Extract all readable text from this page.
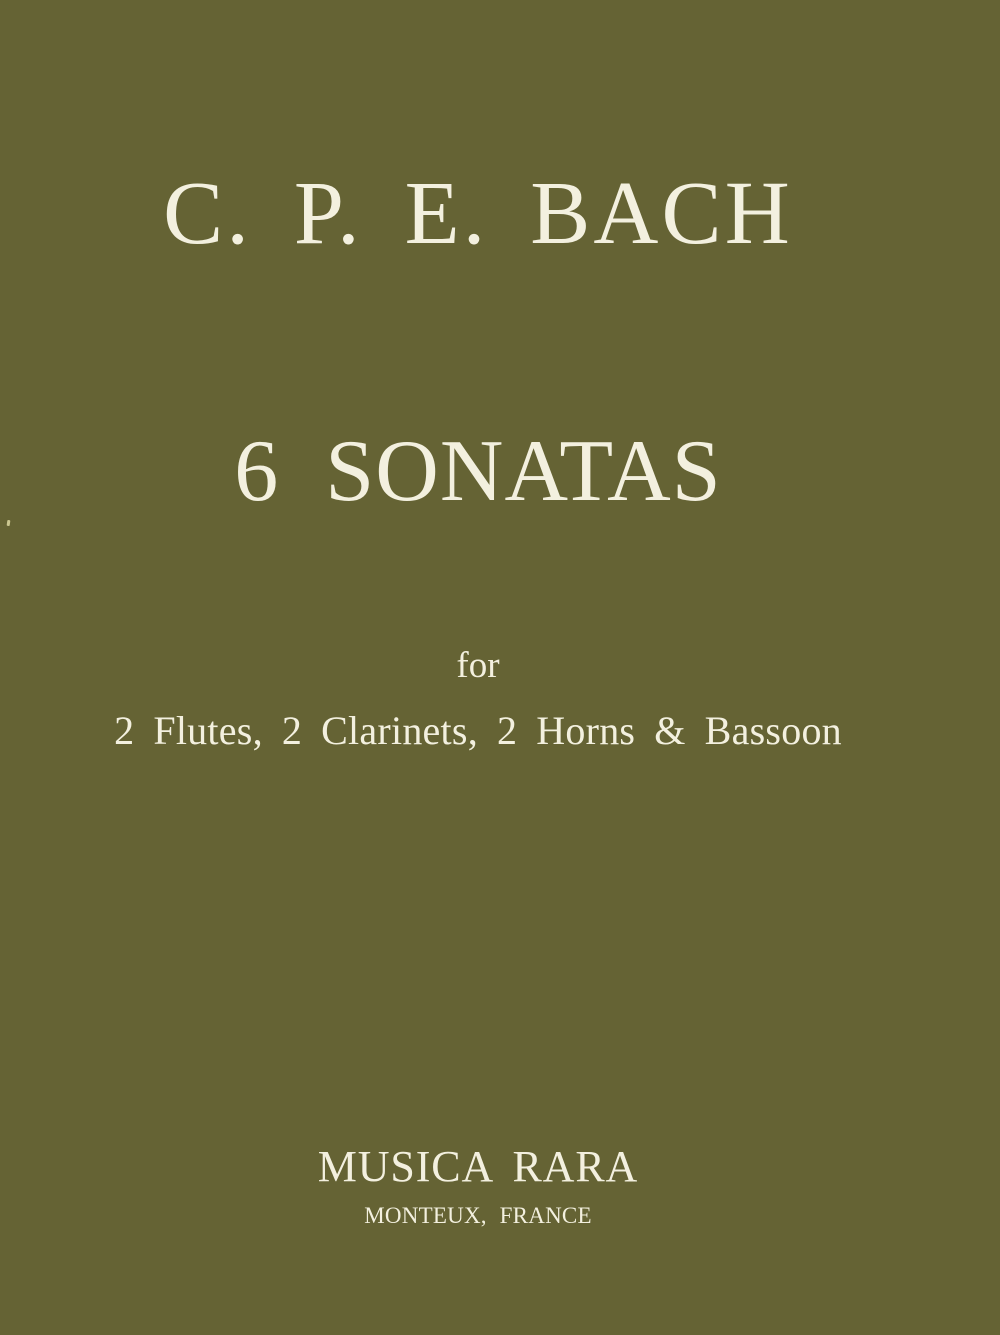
C. P. E. BACH
6 SONATAS
for
2 Flutes, 2 Clarinets, 2 Horns & Bassoon
MUSICA RARA
MONTEUX, FRANCE
